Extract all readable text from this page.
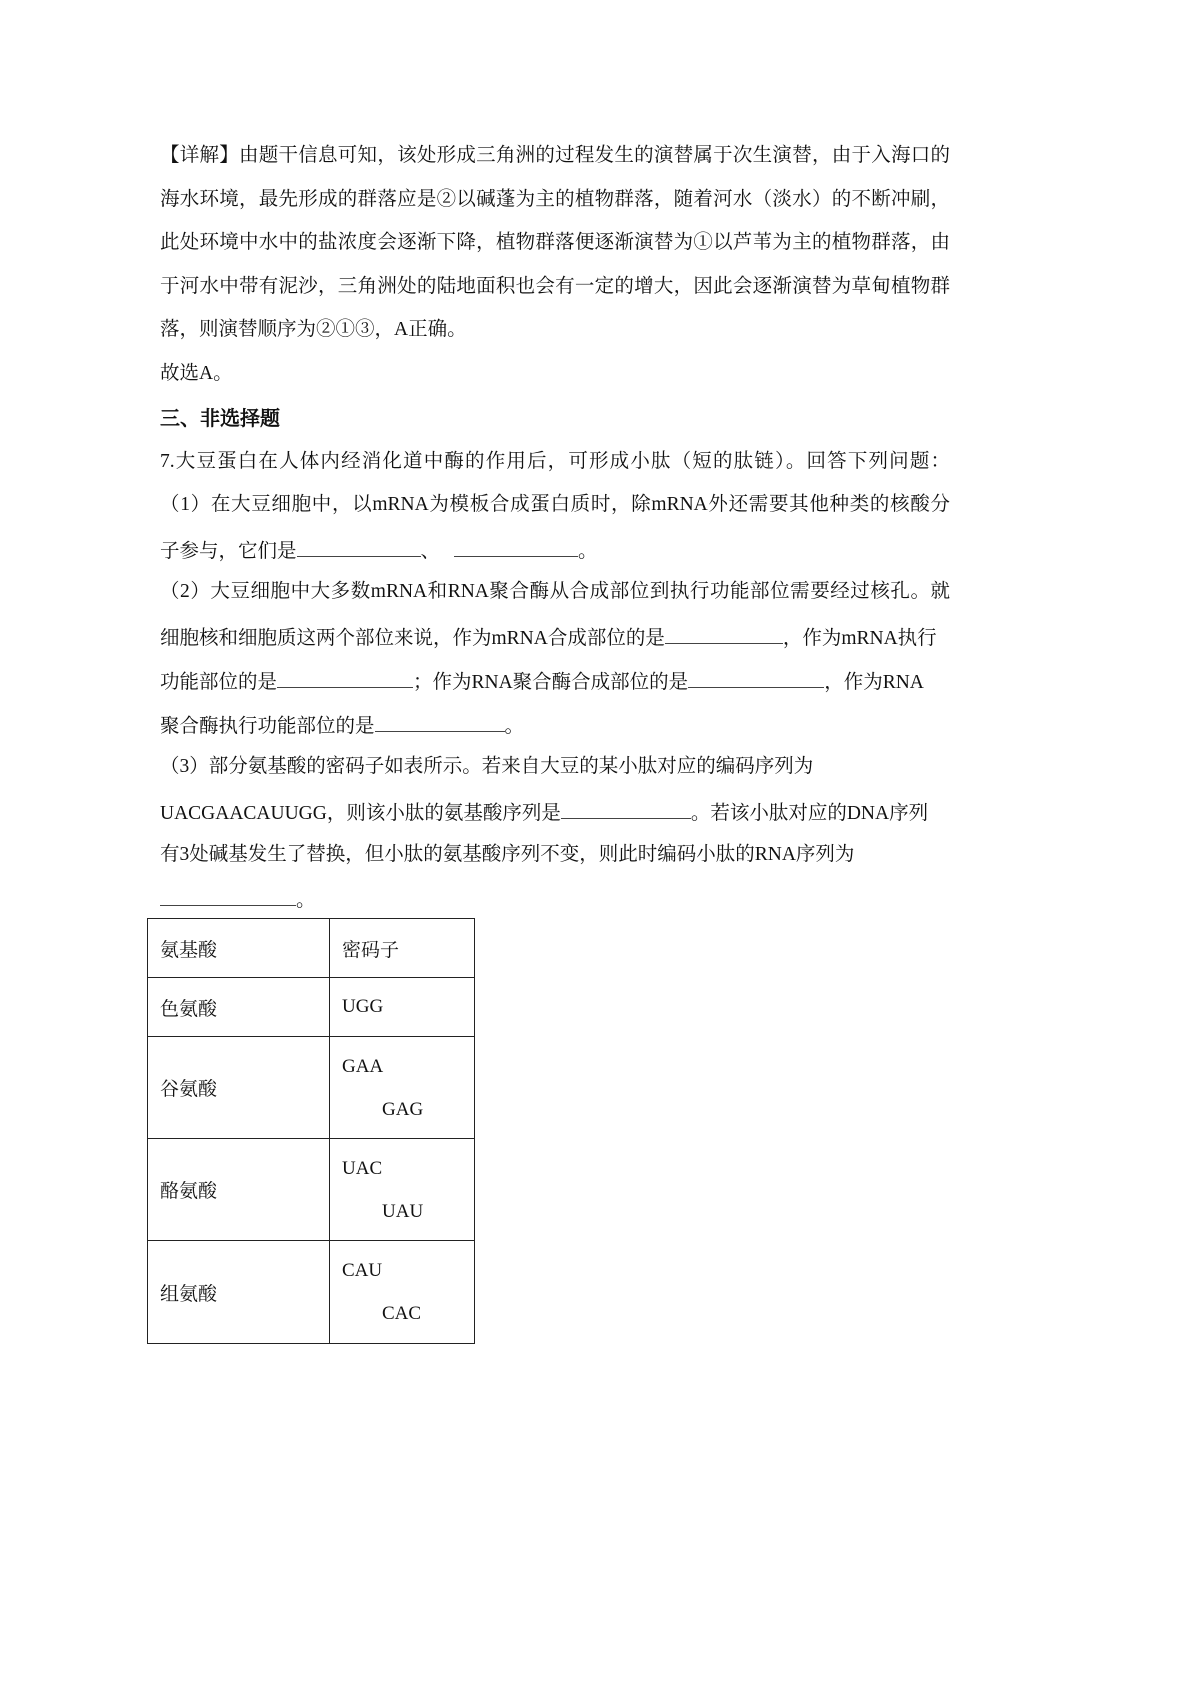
【详解】由题干信息可知，该处形成三角洲的过程发生的演替属于次生演替，由于入海口的
海水环境，最先形成的群落应是②以碱蓬为主的植物群落，随着河水（淡水）的不断冲刷，
此处环境中水中的盐浓度会逐渐下降，植物群落便逐渐演替为①以芦苇为主的植物群落，由
于河水中带有泥沙，三角洲处的陆地面积也会有一定的增大，因此会逐渐演替为草甸植物群
落，则演替顺序为②①③，A正确。
故选A。
三、非选择题
7.大豆蛋白在人体内经消化道中酶的作用后，可形成小肽（短的肽链）。回答下列问题：
（1）在大豆细胞中，以mRNA为模板合成蛋白质时，除mRNA外还需要其他种类的核酸分
子参与，它们是	、	。
（2）大豆细胞中大多数mRNA和RNA聚合酶从合成部位到执行功能部位需要经过核孔。就
细胞核和细胞质这两个部位来说，作为mRNA合成部位的是	，作为mRNA执行
功能部位的是	；作为RNA聚合酶合成部位的是	，作为RNA
聚合酶执行功能部位的是	。
（3）部分氨基酸的密码子如表所示。若来自大豆的某小肽对应的编码序列为
UACGAACAUUGG，则该小肽的氨基酸序列是	。若该小肽对应的DNA序列
有3处碱基发生了替换，但小肽的氨基酸序列不变，则此时编码小肽的RNA序列为
。
氨基酸	密码子
色氨酸	UGG
谷氨酸	GAA
GAG

酪氨酸	UAC
UAU

组氨酸	CAU
CAC
